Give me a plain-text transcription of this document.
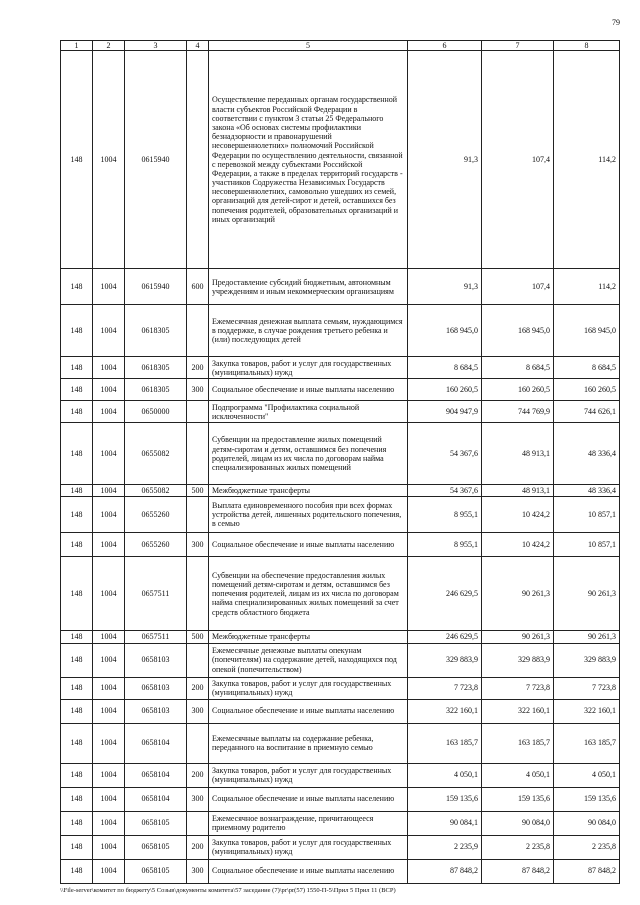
79
1	2	3	4	5	6	7	8
148	1004	0615940		Осуществление переданных органам государственной власти субъектов Российской Федерации в соответствии с пунктом 3 статьи 25 Федерального закона «Об основах системы профилактики безнадзорности и правонарушений несовершеннолетних» полномочий Российской Федерации по осуществлению деятельности, связанной с перевозкой между субъектами Российской Федерации, а также в пределах территорий государств - участников Содружества Независимых Государств несовершеннолетних, самовольно ушедших из семей, организаций для детей-сирот и детей, оставшихся без попечения родителей, образовательных организаций и иных организаций	91,3	107,4	114,2
148	1004	0615940	600	Предоставление субсидий бюджетным, автономным учреждениям и иным некоммерческим организациям	91,3	107,4	114,2
148	1004	0618305		Ежемесячная денежная выплата семьям, нуждающимся в поддержке, в случае рождения третьего ребенка и (или) последующих детей	168 945,0	168 945,0	168 945,0
148	1004	0618305	200	Закупка товаров, работ и услуг для государственных (муниципальных) нужд	8 684,5	8 684,5	8 684,5
148	1004	0618305	300	Социальное обеспечение и иные выплаты населению	160 260,5	160 260,5	160 260,5
148	1004	0650000		Подпрограмма "Профилактика социальной исключенности"	904 947,9	744 769,9	744 626,1
148	1004	0655082		Субвенции на предоставление жилых помещений детям-сиротам и детям, оставшимся без попечения родителей, лицам из их числа по договорам найма специализированных жилых помещений	54 367,6	48 913,1	48 336,4
148	1004	0655082	500	Межбюджетные трансферты	54 367,6	48 913,1	48 336,4
148	1004	0655260		Выплата единовременного пособия при всех формах устройства детей, лишенных родительского попечения, в семью	8 955,1	10 424,2	10 857,1
148	1004	0655260	300	Социальное обеспечение и иные выплаты населению	8 955,1	10 424,2	10 857,1
148	1004	0657511		Субвенции на обеспечение предоставления жилых помещений детям-сиротам и детям, оставшимся без попечения родителей, лицам из их числа по договорам найма специализированных жилых помещений за счет средств областного бюджета	246 629,5	90 261,3	90 261,3
148	1004	0657511	500	Межбюджетные трансферты	246 629,5	90 261,3	90 261,3
148	1004	0658103		Ежемесячные денежные выплаты опекунам (попечителям) на содержание детей, находящихся под опекой (попечительством)	329 883,9	329 883,9	329 883,9
148	1004	0658103	200	Закупка товаров, работ и услуг для государственных (муниципальных) нужд	7 723,8	7 723,8	7 723,8
148	1004	0658103	300	Социальное обеспечение и иные выплаты населению	322 160,1	322 160,1	322 160,1
148	1004	0658104		Ежемесячные выплаты на содержание ребенка, переданного на воспитание в приемную семью	163 185,7	163 185,7	163 185,7
148	1004	0658104	200	Закупка товаров, работ и услуг для государственных (муниципальных) нужд	4 050,1	4 050,1	4 050,1
148	1004	0658104	300	Социальное обеспечение и иные выплаты населению	159 135,6	159 135,6	159 135,6
148	1004	0658105		Ежемесячное вознаграждение, причитающееся приемному родителю	90 084,1	90 084,0	90 084,0
148	1004	0658105	200	Закупка товаров, работ и услуг для государственных (муниципальных) нужд	2 235,9	2 235,8	2 235,8
148	1004	0658105	300	Социальное обеспечение и иные выплаты населению	87 848,2	87 848,2	87 848,2
\\File-server\комитет по бюджету\5 Созыв\документы комитета\57 заседание (7)\pr\pr(57) 1550-П-5\Прил 5 Прил 11 (ВСР)
